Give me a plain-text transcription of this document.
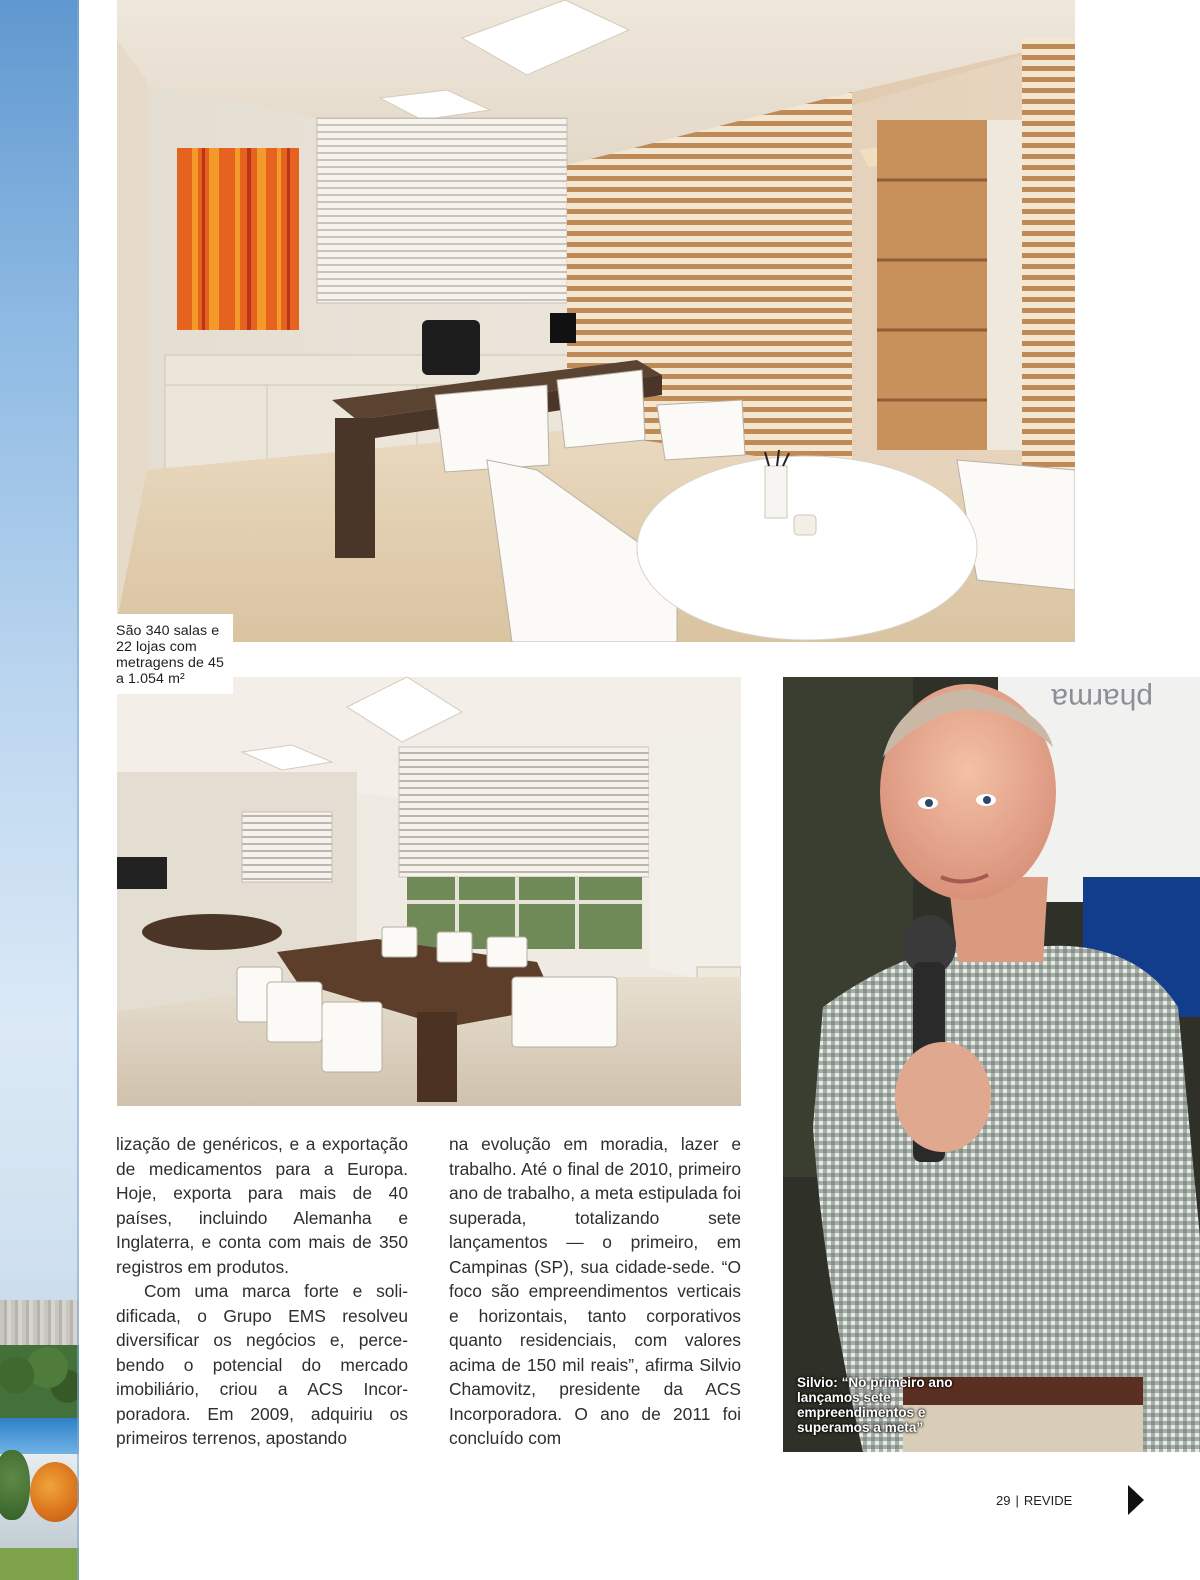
São 340 salas e 22 lojas com metragens de 45 a 1.054 m²
pharma
Silvio: “No primeiro ano lançamos sete empreendimentos e superamos a meta”

lização de genéricos, e a exportação de medicamentos para a Europa. Hoje, exporta para mais de 40 países, incluindo Alemanha e Inglaterra, e conta com mais de 350 registros em produtos.

Com uma marca forte e solidificada, o Grupo EMS resolveu diversificar os negócios e, percebendo o potencial do mercado imobiliário, criou a ACS Incorporadora. Em 2009, adquiriu os primeiros terrenos, apostando

na evolução em moradia, lazer e trabalho. Até o final de 2010, primeiro ano de trabalho, a meta estipulada foi superada, totalizando sete lançamentos — o primeiro, em Campinas (SP), sua cidade-sede. “O foco são empreendimentos verticais e horizontais, tanto corporativos quanto residenciais, com valores acima de 150 mil reais”, afirma Silvio Chamovitz, presidente da ACS Incorporadora. O ano de 2011 foi concluído com

29 | REVIDE
